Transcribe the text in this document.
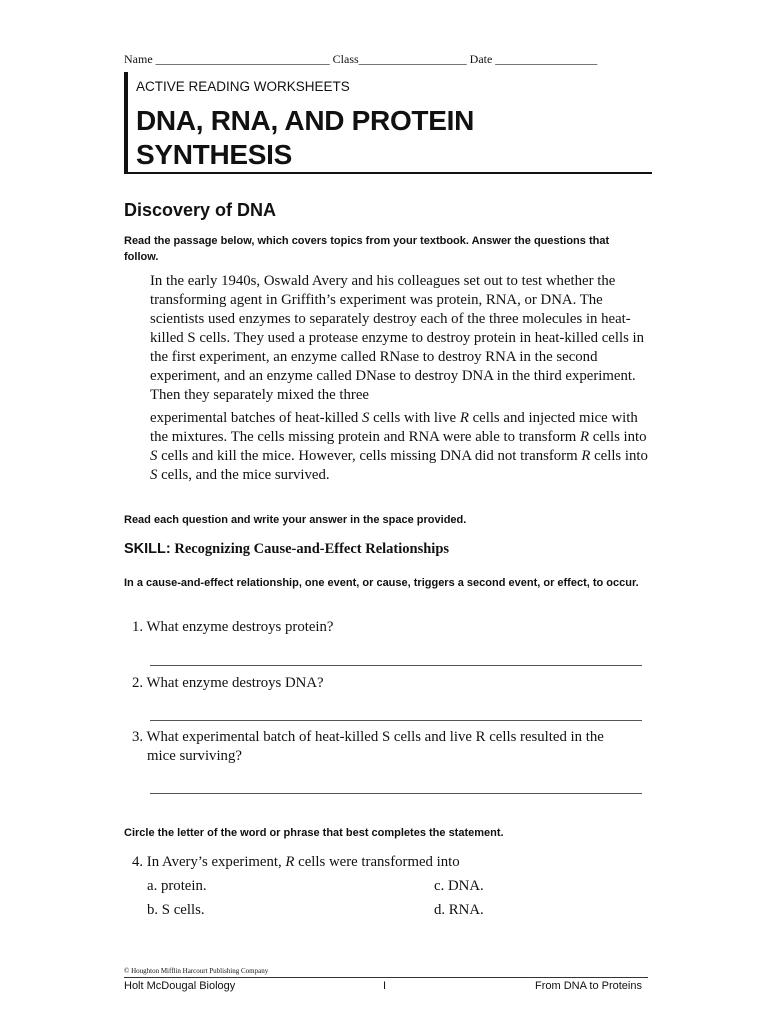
Name _____________________________ Class__________________ Date _________________
ACTIVE READING WORKSHEETS
DNA, RNA, AND PROTEIN
SYNTHESIS
Discovery of DNA
Read the passage below, which covers topics from your textbook. Answer the questions that follow.

In the early 1940s, Oswald Avery and his colleagues set out to test whether the transforming agent in Griffith’s experiment was protein, RNA, or DNA. The scientists used enzymes to separately destroy each of the three molecules in heat-killed S cells. They used a protease enzyme to destroy protein in heat-killed cells in the first experiment, an enzyme called RNase to destroy RNA in the second experiment, and an enzyme called DNase to destroy DNA in the third experiment. Then they separately mixed the three

experimental batches of heat-killed S cells with live R cells and injected mice with the mixtures. The cells missing protein and RNA were able to transform R cells into S cells and kill the mice. However, cells missing DNA did not transform R cells into S cells, and the mice survived.

Read each question and write your answer in the space provided.
SKILL: Recognizing Cause-and-Effect Relationships
In a cause-and-effect relationship, one event, or cause, triggers a second event, or effect, to occur.
1. What enzyme destroys protein?
2. What enzyme destroys DNA?
3. What experimental batch of heat-killed S cells and live R cells resulted in the
mice surviving?
Circle the letter of the word or phrase that best completes the statement.
4. In Avery’s experiment, R cells were transformed into
a. protein.
b. S cells.
c. DNA.
d. RNA.
© Houghton Mifflin Harcourt Publishing Company
Holt McDougal Biology	I	From DNA to Proteins
